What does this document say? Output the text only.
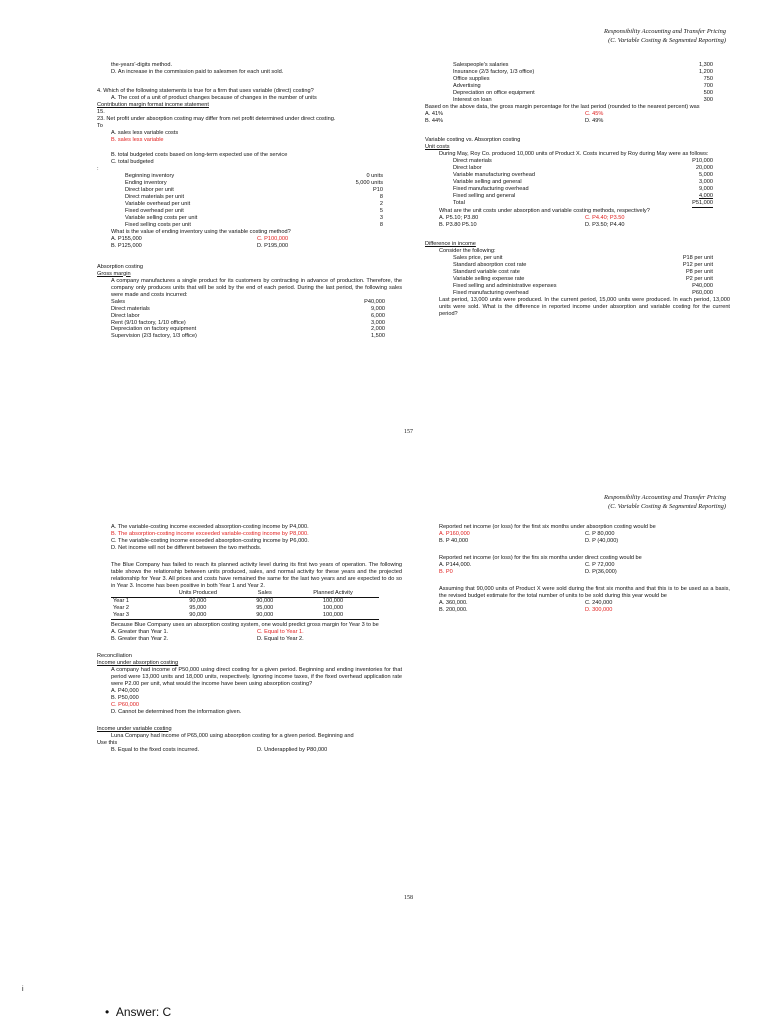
Responsibility Accounting and Transfer Pricing
(C. Variable Costing & Segmented Reporting)
the-years'-digits method.
D. An increase in the commission paid to salesmen for each unit sold.
4. Which of the following statements is true for a firm that uses variable (direct) costing?
A. The cost of a unit of product changes because of changes in the number of units
Contribution margin format income statement
15.
23. Net profit under absorption costing may differ from net profit determined under direct costing.
To
A. sales less variable costs
B. sales less variable
B. total budgeted costs based on long-term expected use of the service
C. total budgeted
:
Beginning inventory	0 units
Ending inventory	5,000 units
Direct labor per unit	P10
Direct materials per unit	8
Variable overhead per unit	2
Fixed overhead per unit	5
Variable selling costs per unit	3
Fixed selling costs per unit	8
What is the value of ending inventory using the variable costing method?
A. P155,000	C. P100,000
B. P125,000	D. P195,000
Absorption costing
Gross margin
A company manufactures a single product for its customers by contracting in advance of production. Therefore, the company only produces units that will be sold by the end of each period. During the last period, the following sales were made and costs incurred:
Sales	P40,000
Direct materials	9,000
Direct labor	6,000
Rent (9/10 factory, 1/10 office)	3,000
Depreciation on factory equipment	2,000
Supervision (2/3 factory, 1/3 office)	1,500
Salespeople's salaries	1,300
Insurance (2/3 factory, 1/3 office)	1,200
Office supplies	750
Advertising	700
Depreciation on office equipment	500
Interest on loan	300
Based on the above data, the gross margin percentage for the last period (rounded to the nearest percent) was
A. 41%	C. 45%
B. 44%	D. 49%
Variable costing vs. Absorption costing
Unit costs
During May, Roy Co. produced 10,000 units of Product X. Costs incurred by Roy during May were as follows:
Direct materials	P10,000
Direct labor	20,000
Variable manufacturing overhead	5,000
Variable selling and general	3,000
Fixed manufacturing overhead	9,000
Fixed selling and general	4,000
Total	P51,000
What are the unit costs under absorption and variable costing methods, respectively?
A. P5.10; P3.80	C. P4.40; P3.50
B. P3.80 P5.10	D. P3.50; P4.40
Difference in income
Consider the following:
Sales price, per unit	P18 per unit
Standard absorption cost rate	P12 per unit
Standard variable cost rate	P8 per unit
Variable selling expense rate	P2 per unit
Fixed selling and administrative expenses	P40,000
Fixed manufacturing overhead	P60,000
Last period, 13,000 units were produced. In the current period, 15,000 units were produced. In each period, 13,000 units were sold. What is the difference in reported income under absorption and variable costing for the current period?
157
Responsibility Accounting and Transfer Pricing
(C. Variable Costing & Segmented Reporting)
A. The variable-costing income exceeded absorption-costing income by P4,000.
B. The absorption-costing income exceeded variable-costing income by P8,000.
C. The variable-costing income exceeded absorption-costing income by P6,000.
D. Net income will not be different between the two methods.
The Blue Company has failed to reach its planned activity level during its first two years of operation. The following table shows the relationship between units produced, sales, and normal activity for these years and the projected relationship for Year 3. All prices and costs have remained the same for the last two years and are expected to do so in Year 3. Income has been positive in both Year 1 and Year 2.
	Units Produced	Sales	Planned Activity
Year 1	90,000	90,000	100,000
Year 2	95,000	95,000	100,000
Year 3	90,000	90,000	100,000
Because Blue Company uses an absorption costing system, one would predict gross margin for Year 3 to be
A. Greater than Year 1.	C. Equal to Year 1.
B. Greater than Year 2.	D. Equal to Year 2.
Reconciliation
Income under absorption costing
A company had income of P50,000 using direct costing for a given period. Beginning and ending inventories for that period were 13,000 units and 18,000 units, respectively. Ignoring income taxes, if the fixed overhead application rate were P2.00 per unit, what would the income have been using absorption costing?
A. P40,000
B. P50,000
C. P60,000
D. Cannot be determined from the information given.
Income under variable costing
Luna Company had income of P65,000 using absorption costing for a given period. Beginning and
Use this
B. Equal to the fixed costs incurred.	D. Underapplied by P80,000
Reported net income (or loss) for the first six months under absorption costing would be
A. P160,000	C. P 80,000
B. P 40,000	D. P (40,000)
Reported net income (or loss) for the firs six months under direct costing would be
A. P144,000.	C. P 72,000
B. P0	D. P(36,000)
Assuming that 90,000 units of Product X were sold during the first six months and that this is to be used as a basis, the revised budget estimate for the total number of units to be sold during this year would be
A. 360,000.	C. 240,000
B. 200,000.	D. 300,000
158
i
•  Answer: C
